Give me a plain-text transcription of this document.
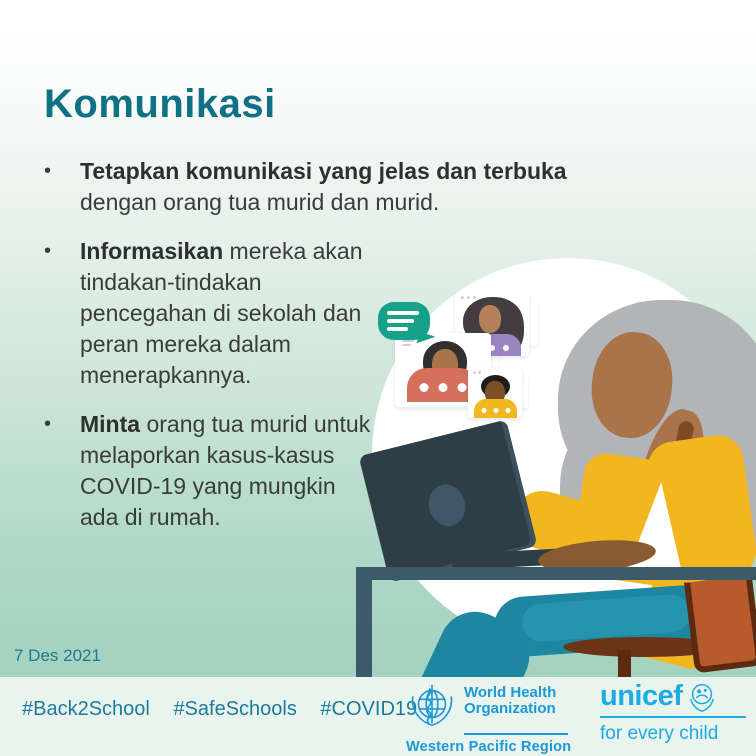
Komunikasi
•	Tetapkan komunikasi yang jelas dan terbuka dengan orang tua murid dan murid.
•	Informasikan mereka akan tindakan-tindakan pencegahan di sekolah dan peran mereka dalam menerapkannya.
•	Minta orang tua murid untuk melaporkan kasus-kasus COVID-19 yang mungkin ada di rumah.
7 Des 2021
#Back2School #SafeSchools #COVID19
World Health
Organization
Western Pacific Region
unicef
for every child
